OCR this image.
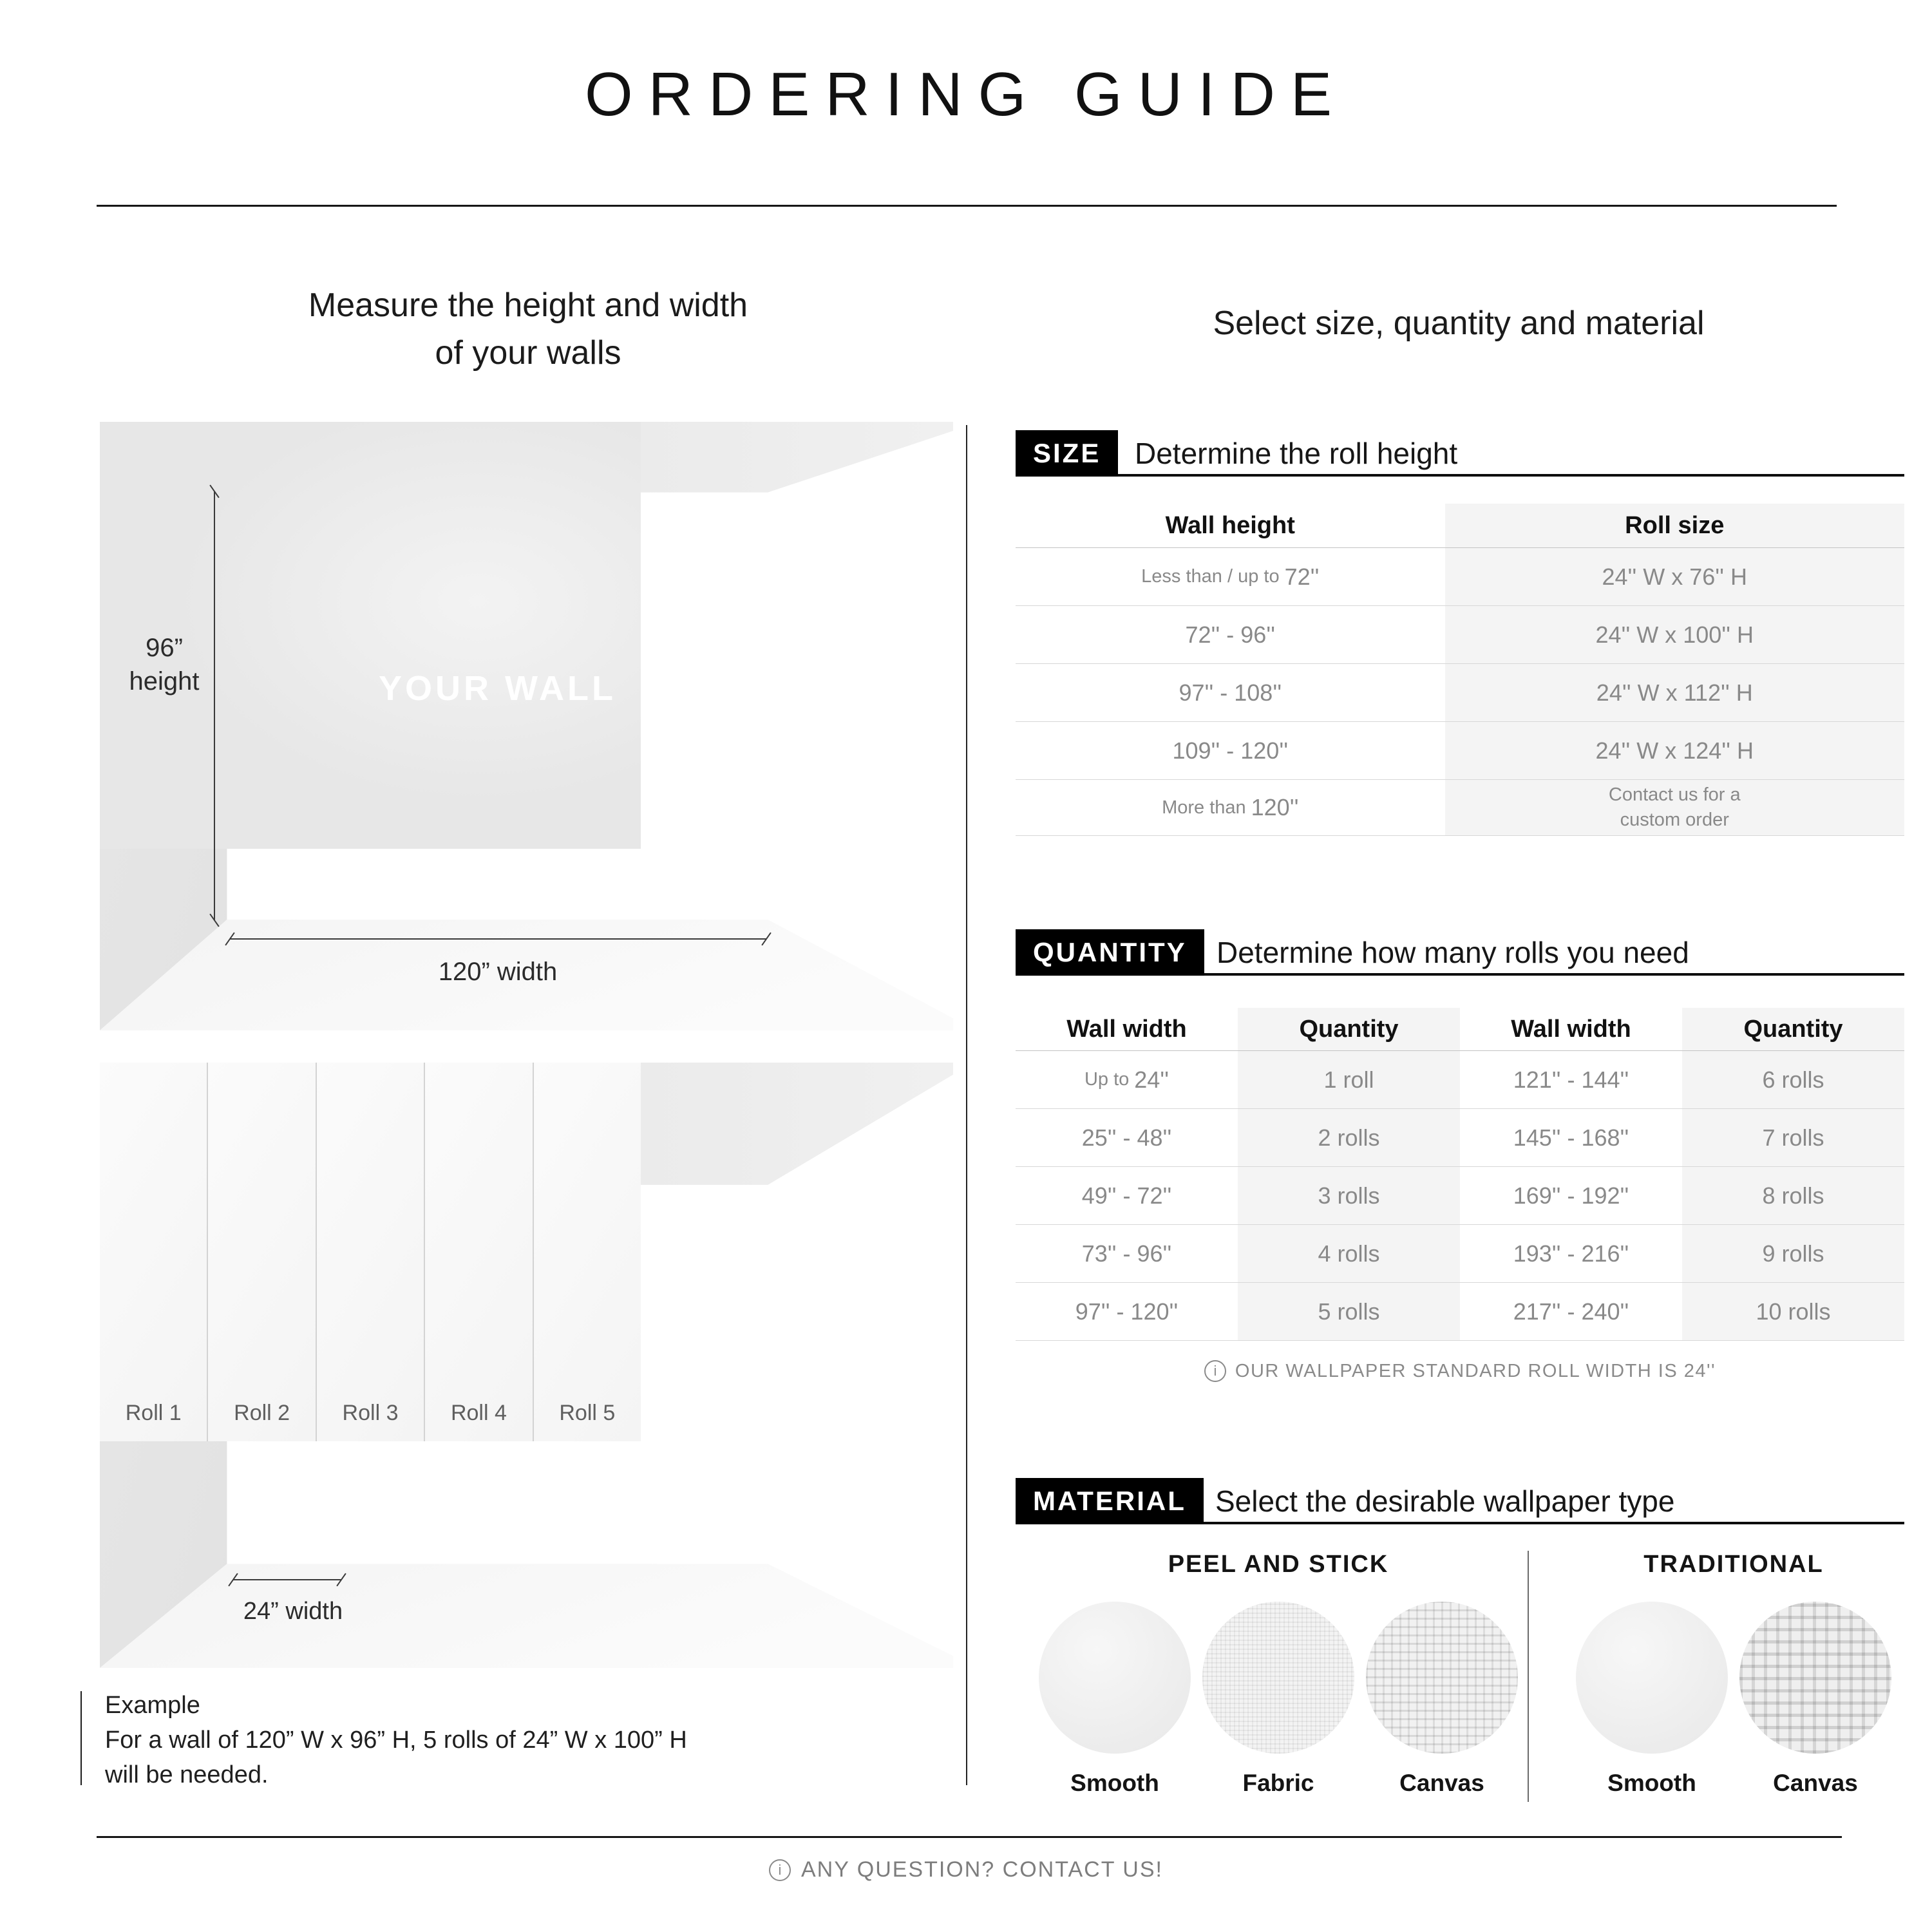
ORDERING GUIDE
Measure the height and width
of your walls
Select size, quantity and material
YOUR WALL
96”
height
120” width
Roll 1	Roll 2	Roll 3	Roll 4	Roll 5
24” width
Example
For a wall of 120” W x 96” H, 5 rolls of 24” W x 100” H
will be needed.
SIZE	Determine the roll height
Wall height	Roll size
Less than / up to 72''	24'' W x 76'' H
72'' - 96''	24'' W x 100'' H
97'' - 108''	24'' W x 112'' H
109'' - 120''	24'' W x 124'' H
More than 120''	Contact us for a custom order
QUANTITY	Determine how many rolls you need
Wall width	Quantity	Wall width	Quantity
Up to 24''	1 roll	121'' - 144''	6 rolls
25'' - 48''	2 rolls	145'' - 168''	7 rolls
49'' - 72''	3 rolls	169'' - 192''	8 rolls
73'' - 96''	4 rolls	193'' - 216''	9 rolls
97'' - 120''	5 rolls	217'' - 240''	10 rolls
i OUR WALLPAPER STANDARD ROLL WIDTH IS 24''
MATERIAL Select the desirable wallpaper type
PEEL AND STICK	TRADITIONAL
Smooth	Fabric	Canvas	Smooth	Canvas
i ANY QUESTION? CONTACT US!
